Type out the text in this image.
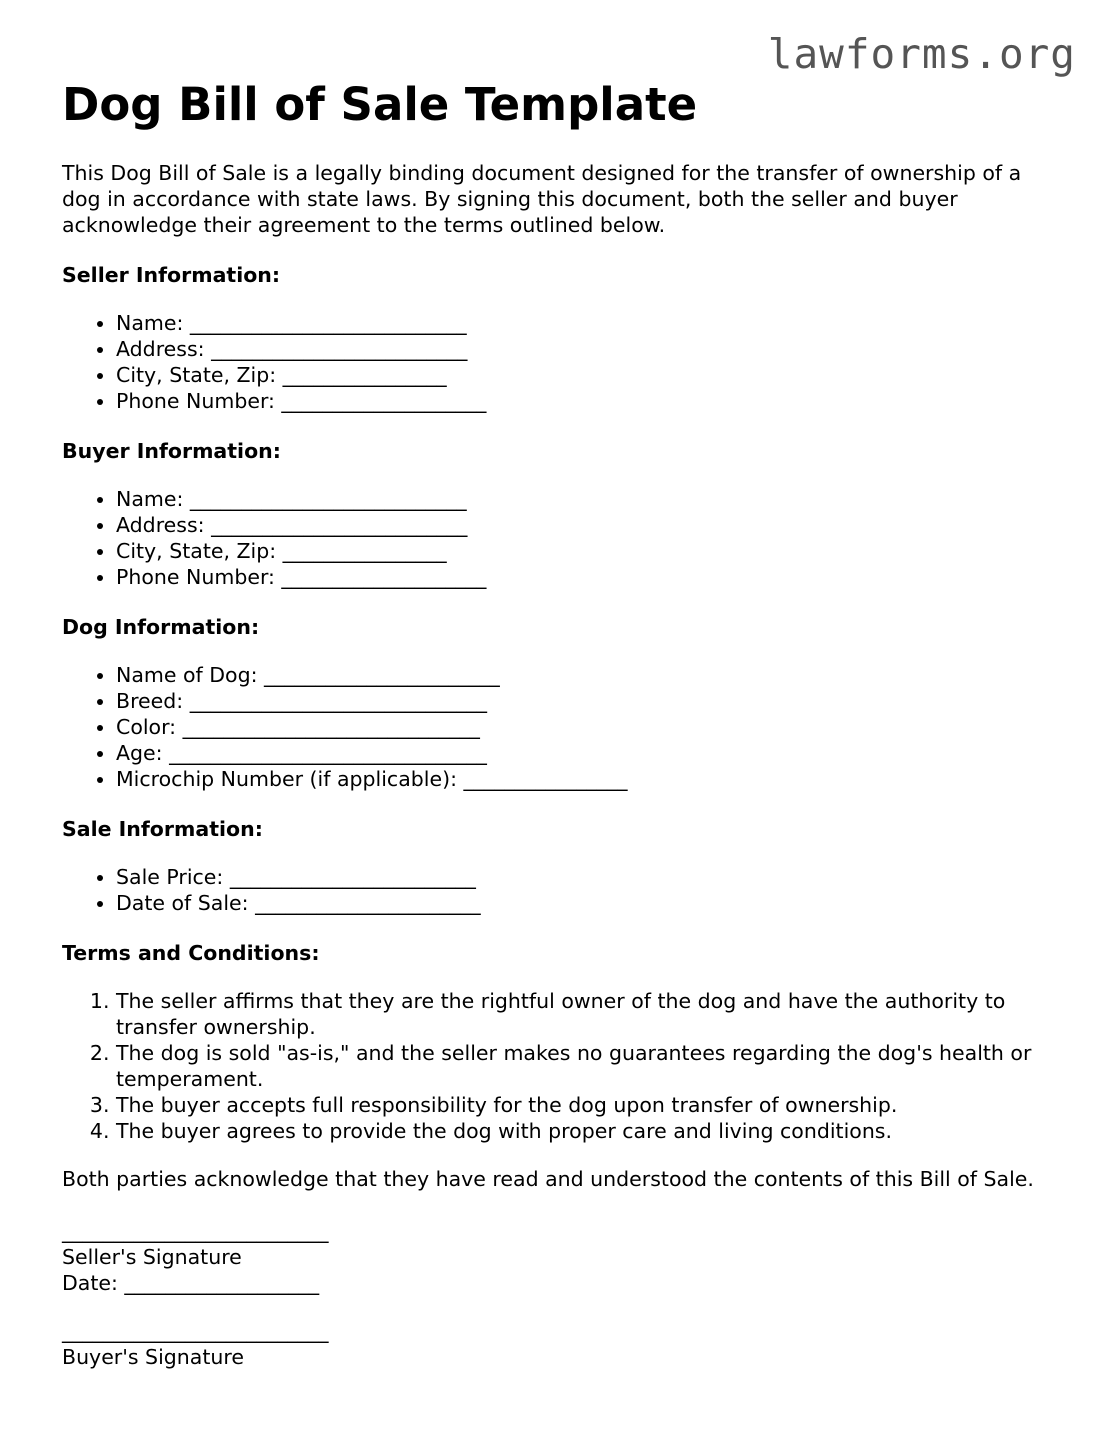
lawforms.org
Dog Bill of Sale Template

This Dog Bill of Sale is a legally binding document designed for the transfer of ownership of a dog in accordance with state laws. By signing this document, both the seller and buyer acknowledge their agreement to the terms outlined below.

Seller Information:
• Name: ___________________________
• Address: _________________________
• City, State, Zip: ________________
• Phone Number: ____________________
Buyer Information:
• Name: ___________________________
• Address: _________________________
• City, State, Zip: ________________
• Phone Number: ____________________
Dog Information:
• Name of Dog: _______________________
• Breed: _____________________________
• Color: _____________________________
• Age: _______________________________
• Microchip Number (if applicable): ________________
Sale Information:
• Sale Price: ________________________
• Date of Sale: ______________________
Terms and Conditions:
1. The seller affirms that they are the rightful owner of the dog and have the authority to transfer ownership.
2. The dog is sold "as-is," and the seller makes no guarantees regarding the dog's health or temperament.
3. The buyer accepts full responsibility for the dog upon transfer of ownership.
4. The buyer agrees to provide the dog with proper care and living conditions.

Both parties acknowledge that they have read and understood the contents of this Bill of Sale.

__________________________
Seller's Signature
Date: ___________________
__________________________
Buyer's Signature
